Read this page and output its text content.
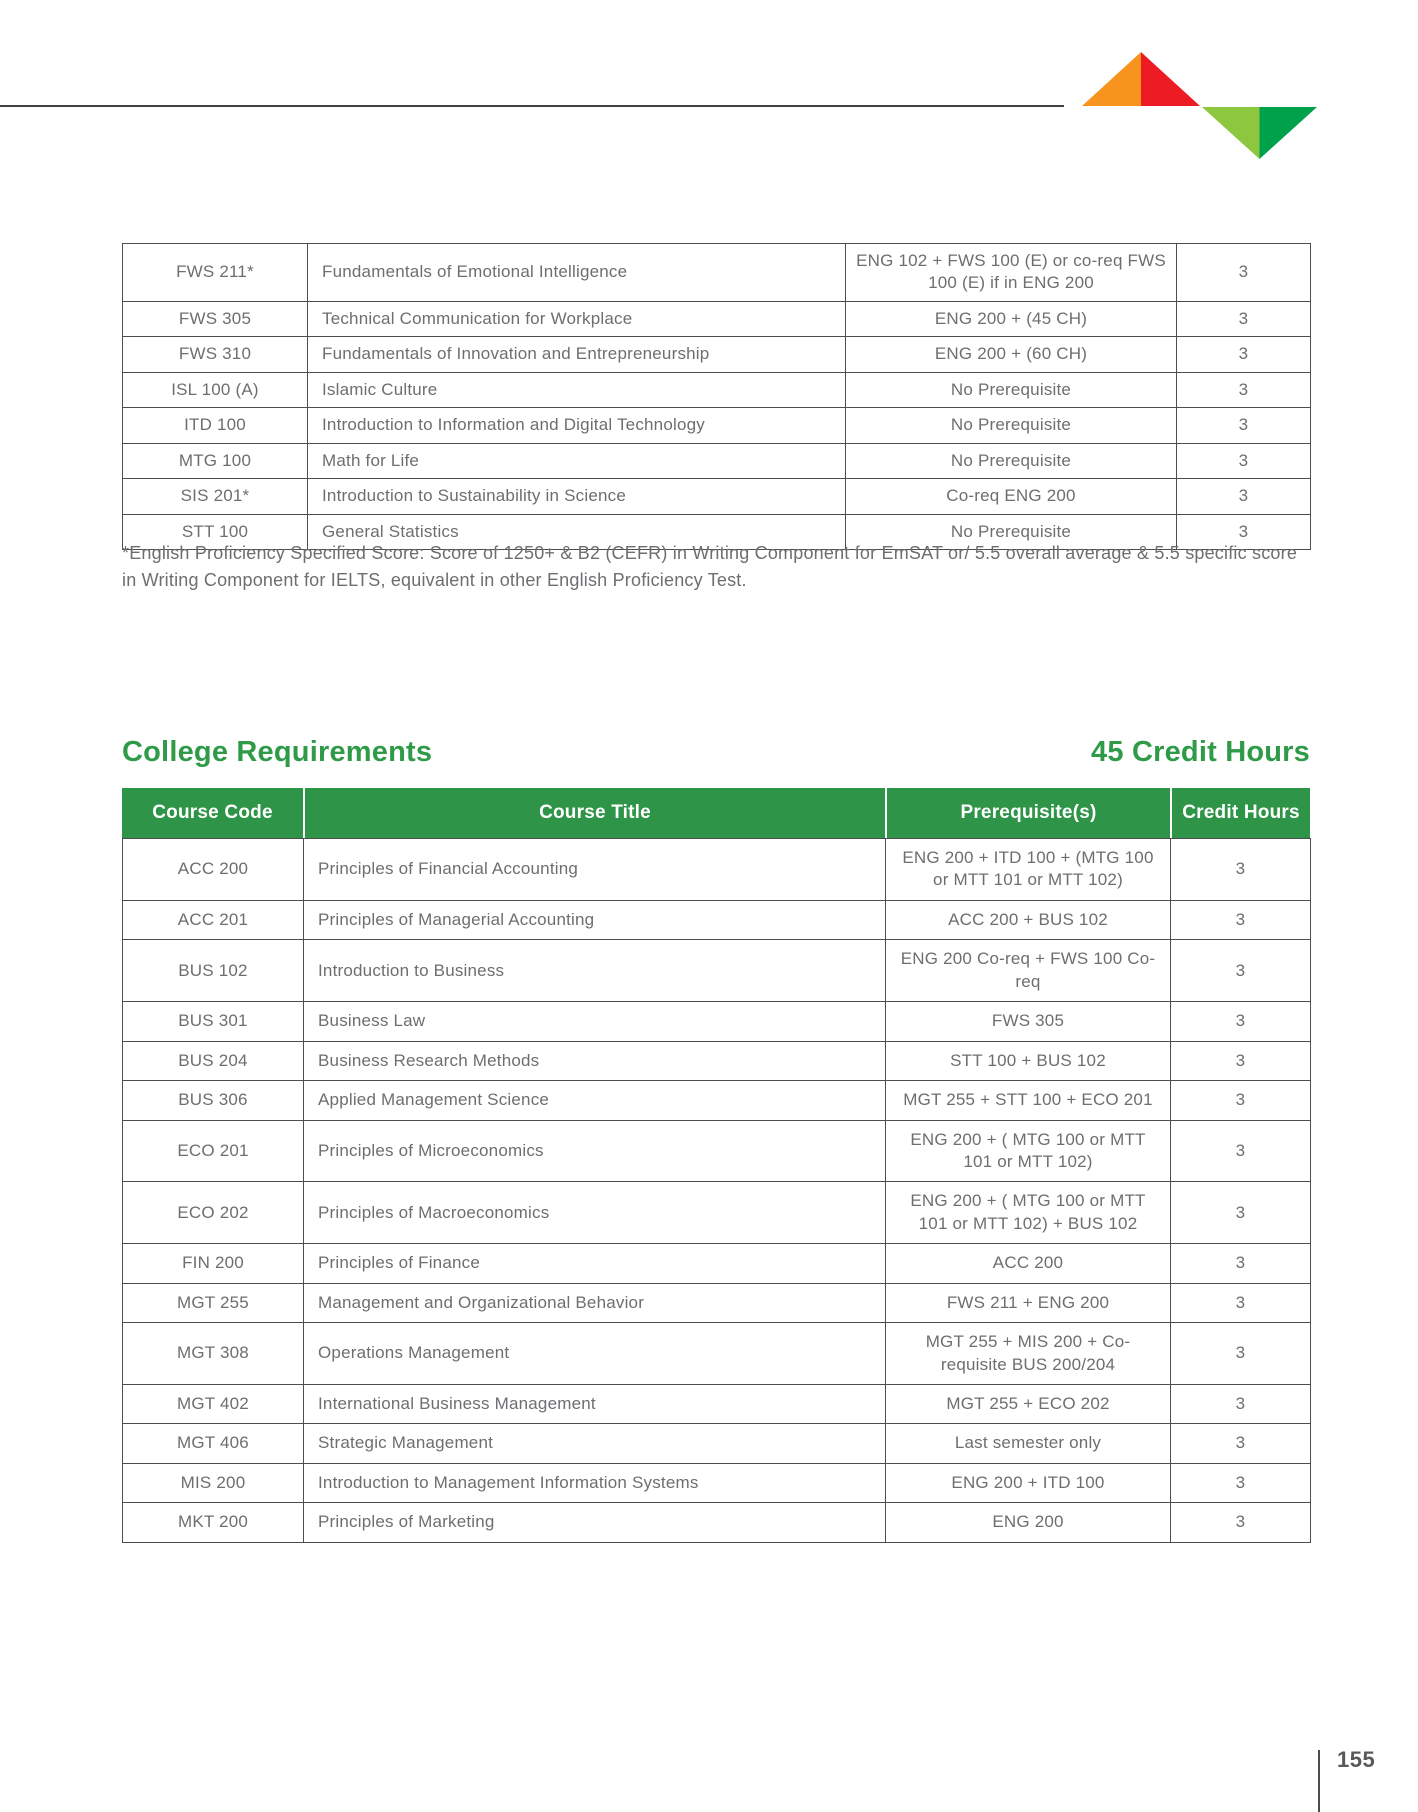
FWS 211*	Fundamentals of Emotional Intelligence	ENG 102 + FWS 100 (E) or co-req FWS 100 (E) if in ENG 200	3
FWS 305	Technical Communication for Workplace	ENG 200 + (45 CH)	3
FWS 310	Fundamentals of Innovation and Entrepreneurship	ENG 200 + (60 CH)	3
ISL 100 (A)	Islamic Culture	No Prerequisite	3
ITD 100	Introduction to Information and Digital Technology	No Prerequisite	3
MTG 100	Math for Life	No Prerequisite	3
SIS 201*	Introduction to Sustainability in Science	Co-req ENG 200	3
STT 100	General Statistics	No Prerequisite	3

*English Proficiency Specified Score: Score of 1250+ & B2 (CEFR) in Writing Component for EmSAT or/ 5.5 overall average & 5.5 specific score in Writing Component for IELTS, equivalent in other English Proficiency Test.

College Requirements	45 Credit Hours
Course Code	Course Title	Prerequisite(s)	Credit Hours
ACC 200	Principles of Financial Accounting	ENG 200 + ITD 100 + (MTG 100 or MTT 101 or MTT 102)	3
ACC 201	Principles of Managerial Accounting	ACC 200 + BUS 102	3
BUS 102	Introduction to Business	ENG 200 Co-req + FWS 100 Co-req	3
BUS 301	Business Law	FWS 305	3
BUS 204	Business Research Methods	STT 100 + BUS 102	3
BUS 306	Applied Management Science	MGT 255 + STT 100 + ECO 201	3
ECO 201	Principles of Microeconomics	ENG 200 + ( MTG 100 or MTT 101 or MTT 102)	3
ECO 202	Principles of Macroeconomics	ENG 200 + ( MTG 100 or MTT 101 or MTT 102) + BUS 102	3
FIN 200	Principles of Finance	ACC 200	3
MGT 255	Management and Organizational Behavior	FWS 211 + ENG 200	3
MGT 308	Operations Management	MGT 255 + MIS 200 + Co-requisite BUS 200/204	3
MGT 402	International Business Management	MGT 255 + ECO 202	3
MGT 406	Strategic Management	Last semester only	3
MIS 200	Introduction to Management Information Systems	ENG 200 + ITD 100	3
MKT 200	Principles of Marketing	ENG 200	3
155
